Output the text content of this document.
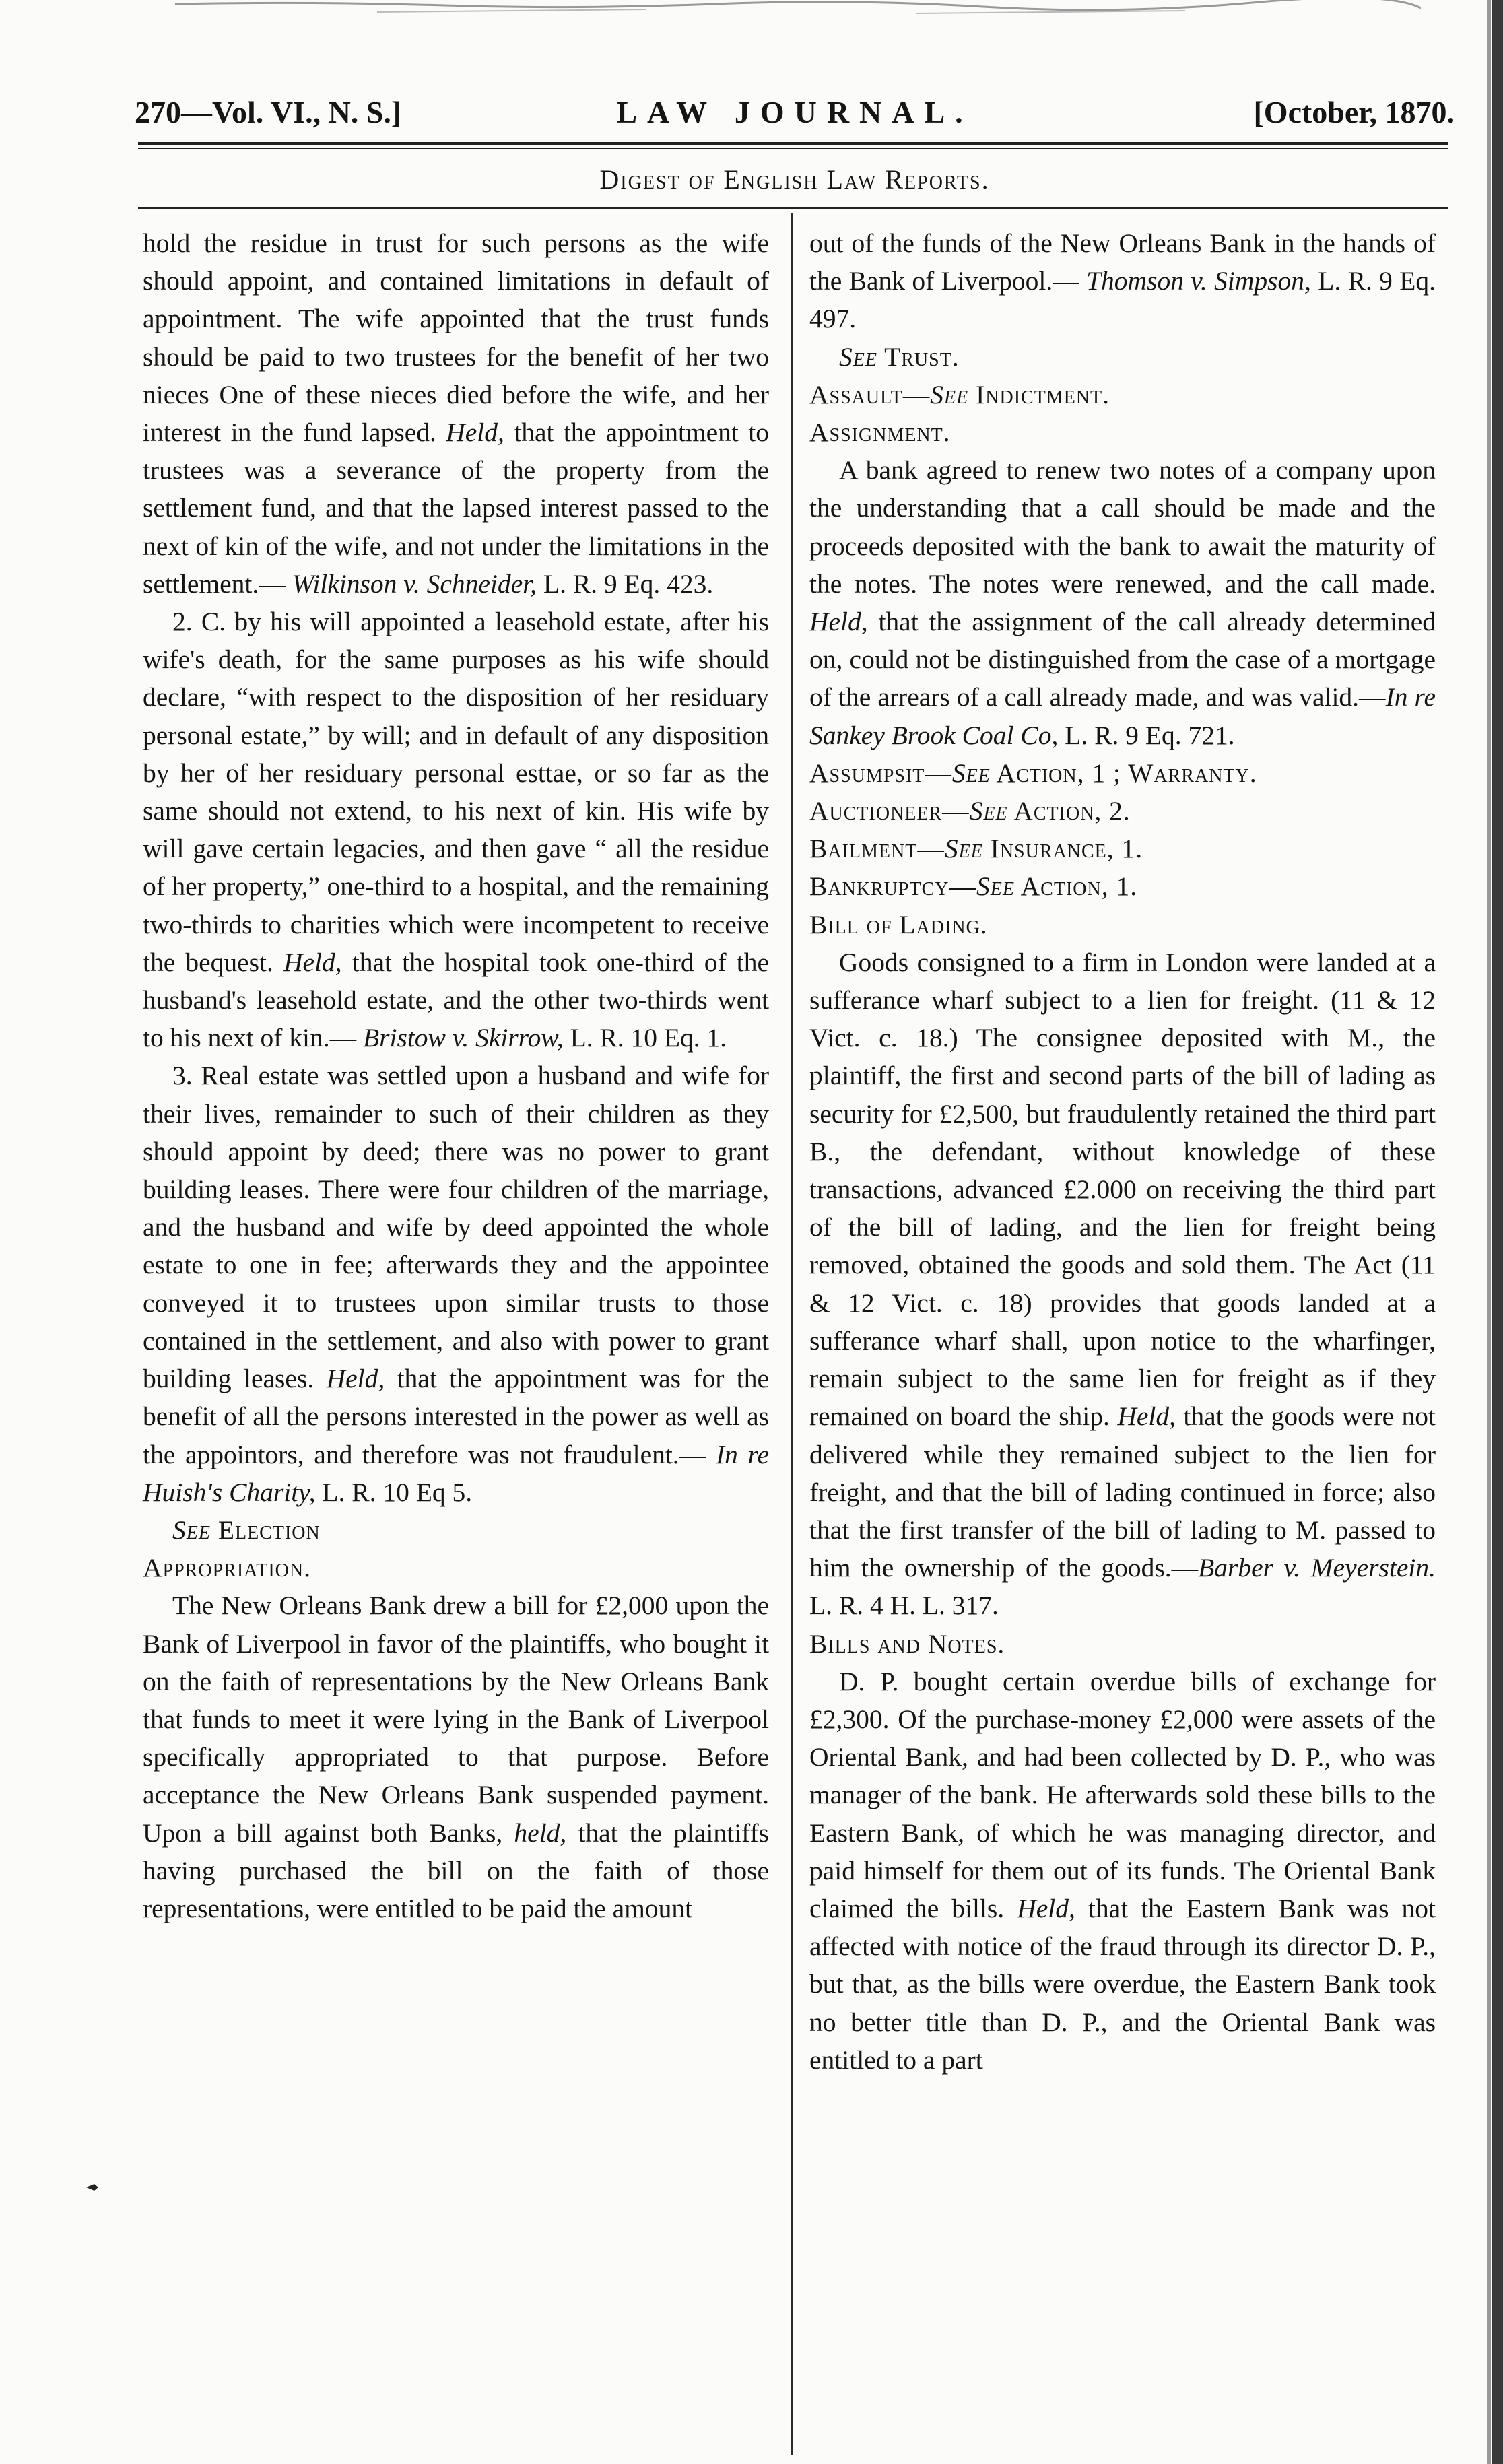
270—Vol. VI., N. S.]	LAW JOURNAL.	[October, 1870.
Digest of English Law Reports.

hold the residue in trust for such persons as the wife should appoint, and contained limitations in default of appointment. The wife appointed that the trust funds should be paid to two trustees for the benefit of her two nieces One of these nieces died before the wife, and her interest in the fund lapsed. Held, that the appointment to trustees was a severance of the property from the settlement fund, and that the lapsed interest passed to the next of kin of the wife, and not under the limitations in the settlement.— Wilkinson v. Schneider, L. R. 9 Eq. 423.

2. C. by his will appointed a leasehold estate, after his wife's death, for the same purposes as his wife should declare, “with respect to the disposition of her residuary personal estate,” by will; and in default of any disposition by her of her residuary personal esttae, or so far as the same should not extend, to his next of kin. His wife by will gave certain legacies, and then gave “ all the residue of her property,” one-third to a hospital, and the remaining two-thirds to charities which were incompetent to receive the bequest. Held, that the hospital took one-third of the husband's leasehold estate, and the other two-thirds went to his next of kin.— Bristow v. Skirrow, L. R. 10 Eq. 1.

3. Real estate was settled upon a husband and wife for their lives, remainder to such of their children as they should appoint by deed; there was no power to grant building leases. There were four children of the marriage, and the husband and wife by deed appointed the whole estate to one in fee; afterwards they and the appointee conveyed it to trustees upon similar trusts to those contained in the settlement, and also with power to grant building leases. Held, that the appointment was for the benefit of all the persons interested in the power as well as the appointors, and therefore was not fraudulent.— In re Huish's Charity, L. R. 10 Eq 5.

See Election

Appropriation.

The New Orleans Bank drew a bill for £2,000 upon the Bank of Liverpool in favor of the plaintiffs, who bought it on the faith of representations by the New Orleans Bank that funds to meet it were lying in the Bank of Liverpool specifically appropriated to that purpose. Before acceptance the New Orleans Bank suspended payment. Upon a bill against both Banks, held, that the plaintiffs having purchased the bill on the faith of those representations, were entitled to be paid the amount

out of the funds of the New Orleans Bank in the hands of the Bank of Liverpool.— Thomson v. Simpson, L. R. 9 Eq. 497.

See Trust.

Assault—See Indictment.

Assignment.

A bank agreed to renew two notes of a company upon the understanding that a call should be made and the proceeds deposited with the bank to await the maturity of the notes. The notes were renewed, and the call made. Held, that the assignment of the call already determined on, could not be distinguished from the case of a mortgage of the arrears of a call already made, and was valid.—In re Sankey Brook Coal Co, L. R. 9 Eq. 721.

Assumpsit—See Action, 1 ; Warranty.

Auctioneer—See Action, 2.

Bailment—See Insurance, 1.

Bankruptcy—See Action, 1.

Bill of Lading.

Goods consigned to a firm in London were landed at a sufferance wharf subject to a lien for freight. (11 & 12 Vict. c. 18.) The consignee deposited with M., the plaintiff, the first and second parts of the bill of lading as security for £2,500, but fraudulently retained the third part B., the defendant, without knowledge of these transactions, advanced £2.000 on receiving the third part of the bill of lading, and the lien for freight being removed, obtained the goods and sold them. The Act (11 & 12 Vict. c. 18) provides that goods landed at a sufferance wharf shall, upon notice to the wharfinger, remain subject to the same lien for freight as if they remained on board the ship. Held, that the goods were not delivered while they remained subject to the lien for freight, and that the bill of lading continued in force; also that the first transfer of the bill of lading to M. passed to him the ownership of the goods.—Barber v. Meyerstein. L. R. 4 H. L. 317.

Bills and Notes.

D. P. bought certain overdue bills of exchange for £2,300. Of the purchase-money £2,000 were assets of the Oriental Bank, and had been collected by D. P., who was manager of the bank. He afterwards sold these bills to the Eastern Bank, of which he was managing director, and paid himself for them out of its funds. The Oriental Bank claimed the bills. Held, that the Eastern Bank was not affected with notice of the fraud through its director D. P., but that, as the bills were overdue, the Eastern Bank took no better title than D. P., and the Oriental Bank was entitled to a part
